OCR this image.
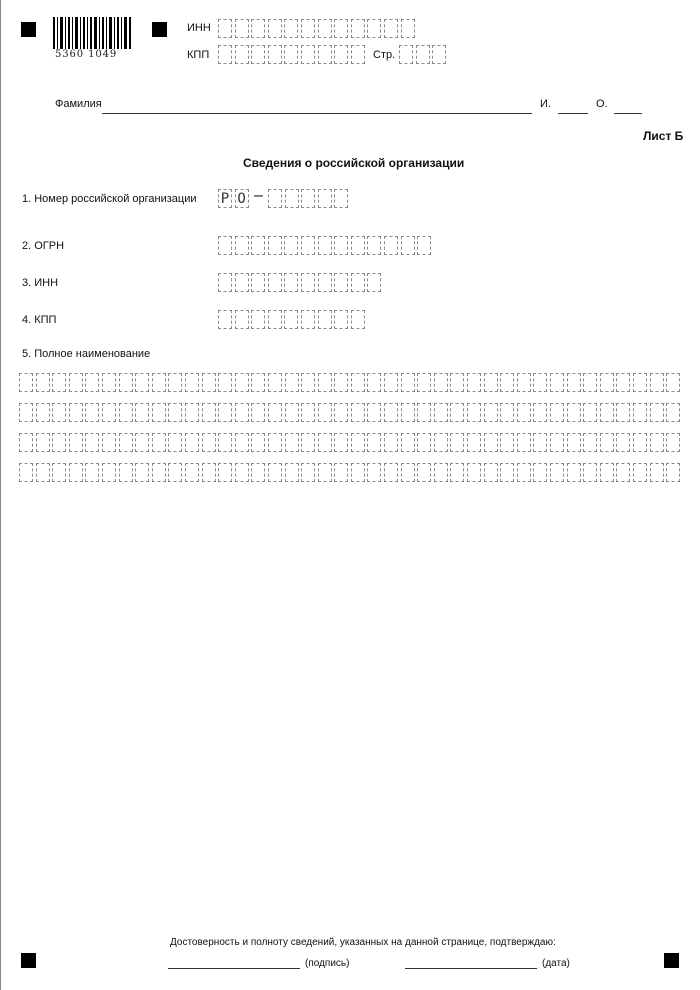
5360 1049
ИНН
КПП	Стр.
Фамилия	И.	О.
Лист Б
Сведения о российской организации
1. Номер российской организации Р О –
2. ОГРН
3. ИНН
4. КПП
5. Полное наименование
Достоверность и полноту сведений, указанных на данной странице, подтверждаю:
(подпись)	(дата)
